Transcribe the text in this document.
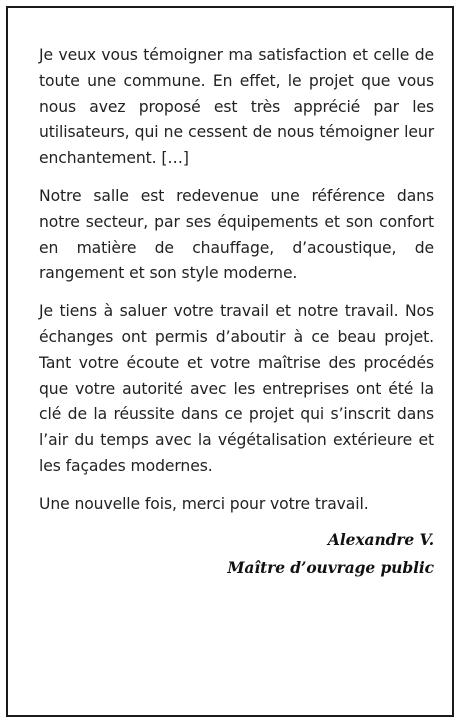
Je veux vous témoigner ma satisfaction et celle de toute une commune. En effet, le projet que vous nous avez proposé est très apprécié par les utilisateurs, qui ne cessent de nous témoigner leur enchantement. […]

Notre salle est redevenue une référence dans notre secteur, par ses équipements et son confort en matière de chauffage, d’acoustique, de rangement et son style moderne.

Je tiens à saluer votre travail et notre travail. Nos échanges ont permis d’aboutir à ce beau projet. Tant votre écoute et votre maîtrise des procédés que votre autorité avec les entreprises ont été la clé de la réussite dans ce projet qui s’inscrit dans l’air du temps avec la végétalisation extérieure et les façades modernes.

Une nouvelle fois, merci pour votre travail.

Alexandre V.
Maître d’ouvrage public
